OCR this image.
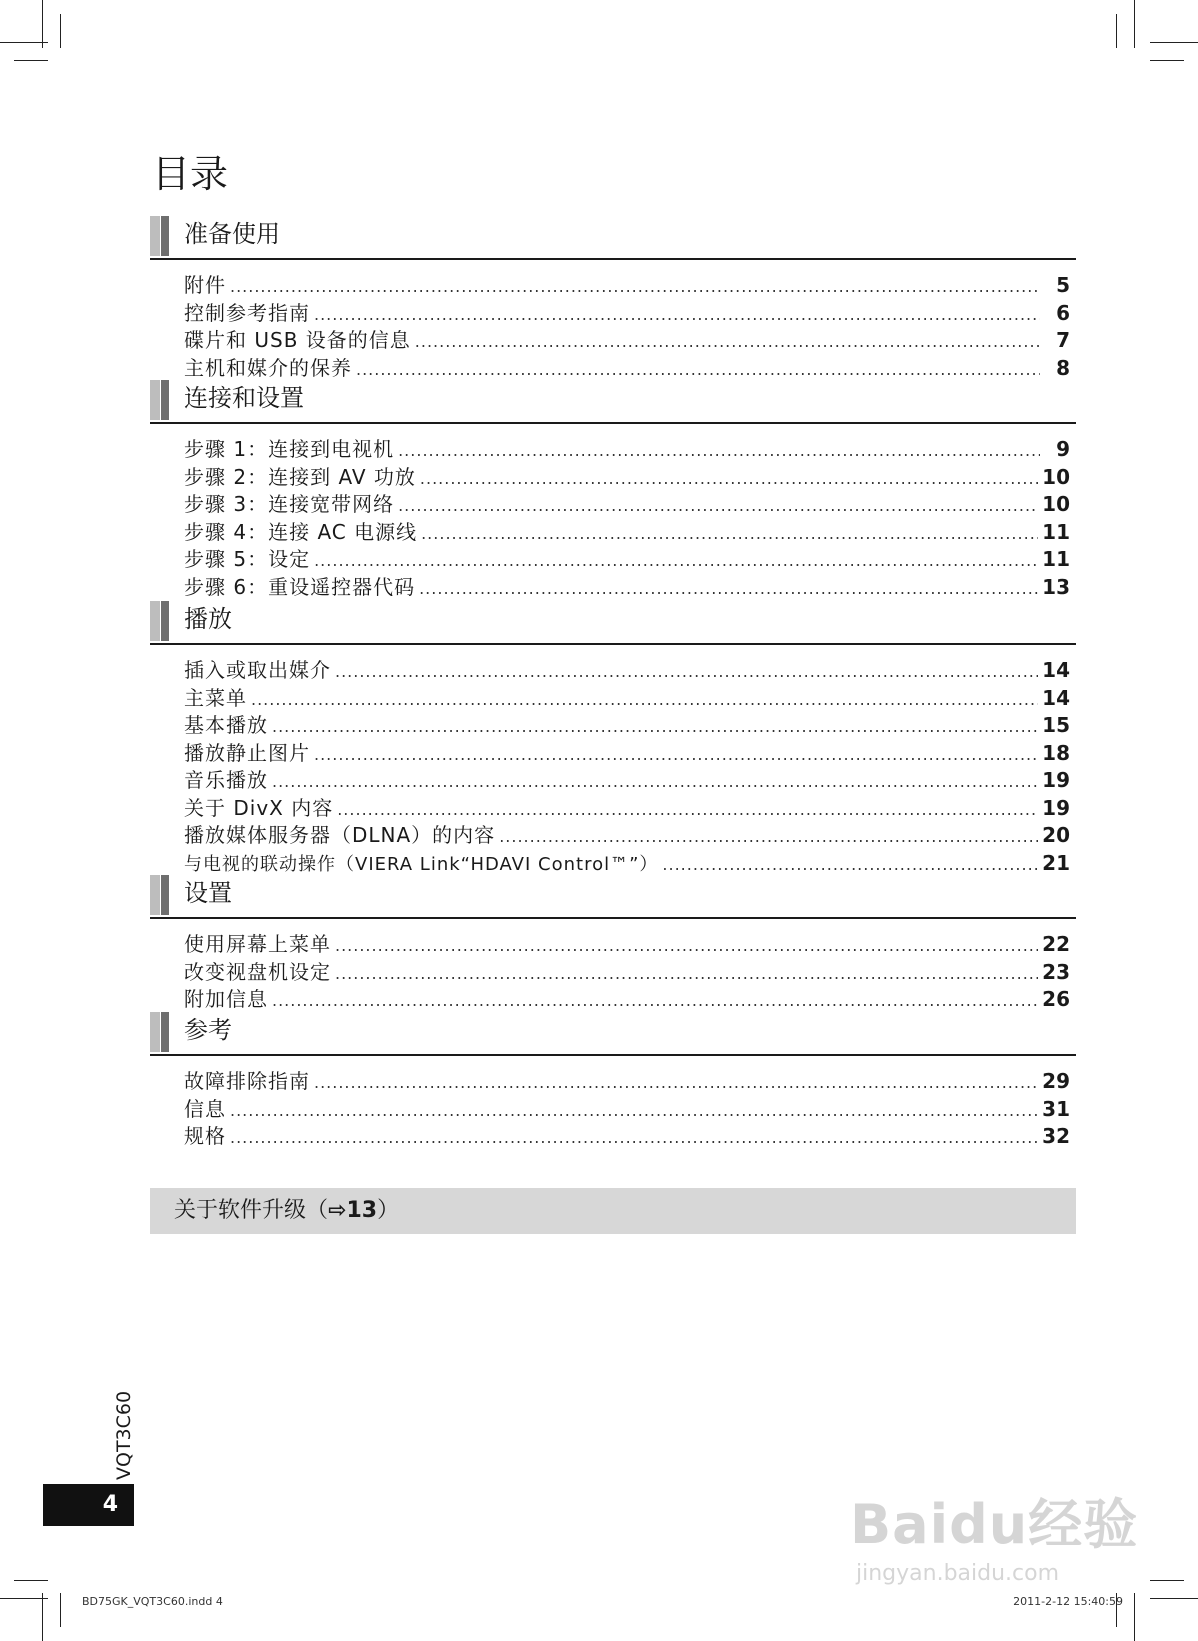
目录
准备使用
附件 .....	5
控制参考指南 .....	6
碟片和 USB 设备的信息 .....	7
主机和媒介的保养 .....	8
连接和设置
步骤 1：连接到电视机 .....	9
步骤 2：连接到 AV 功放 .....	10
步骤 3：连接宽带网络 .....	10
步骤 4：连接 AC 电源线 .....	11
步骤 5：设定 .....	11
步骤 6：重设遥控器代码 .....	13
播放
插入或取出媒介 .....	14
主菜单 .....	14
基本播放 .....	15
播放静止图片 .....	18
音乐播放 .....	19
关于 DivX 内容 .....	19
播放媒体服务器（DLNA）的内容 .....	20
与电视的联动操作（VIERA Link“HDAVI Control™”） .....	21
设置
使用屏幕上菜单 .....	22
改变视盘机设定 .....	23
附加信息 .....	26
参考
故障排除指南 .....	29
信息 .....	31
规格 .....	32
关于软件升级（⇨13）
4
VQT3C60
Baidu经验
jingyan.baidu.com
BD75GK_VQT3C60.indd 4	2011-2-12 15:40:59
